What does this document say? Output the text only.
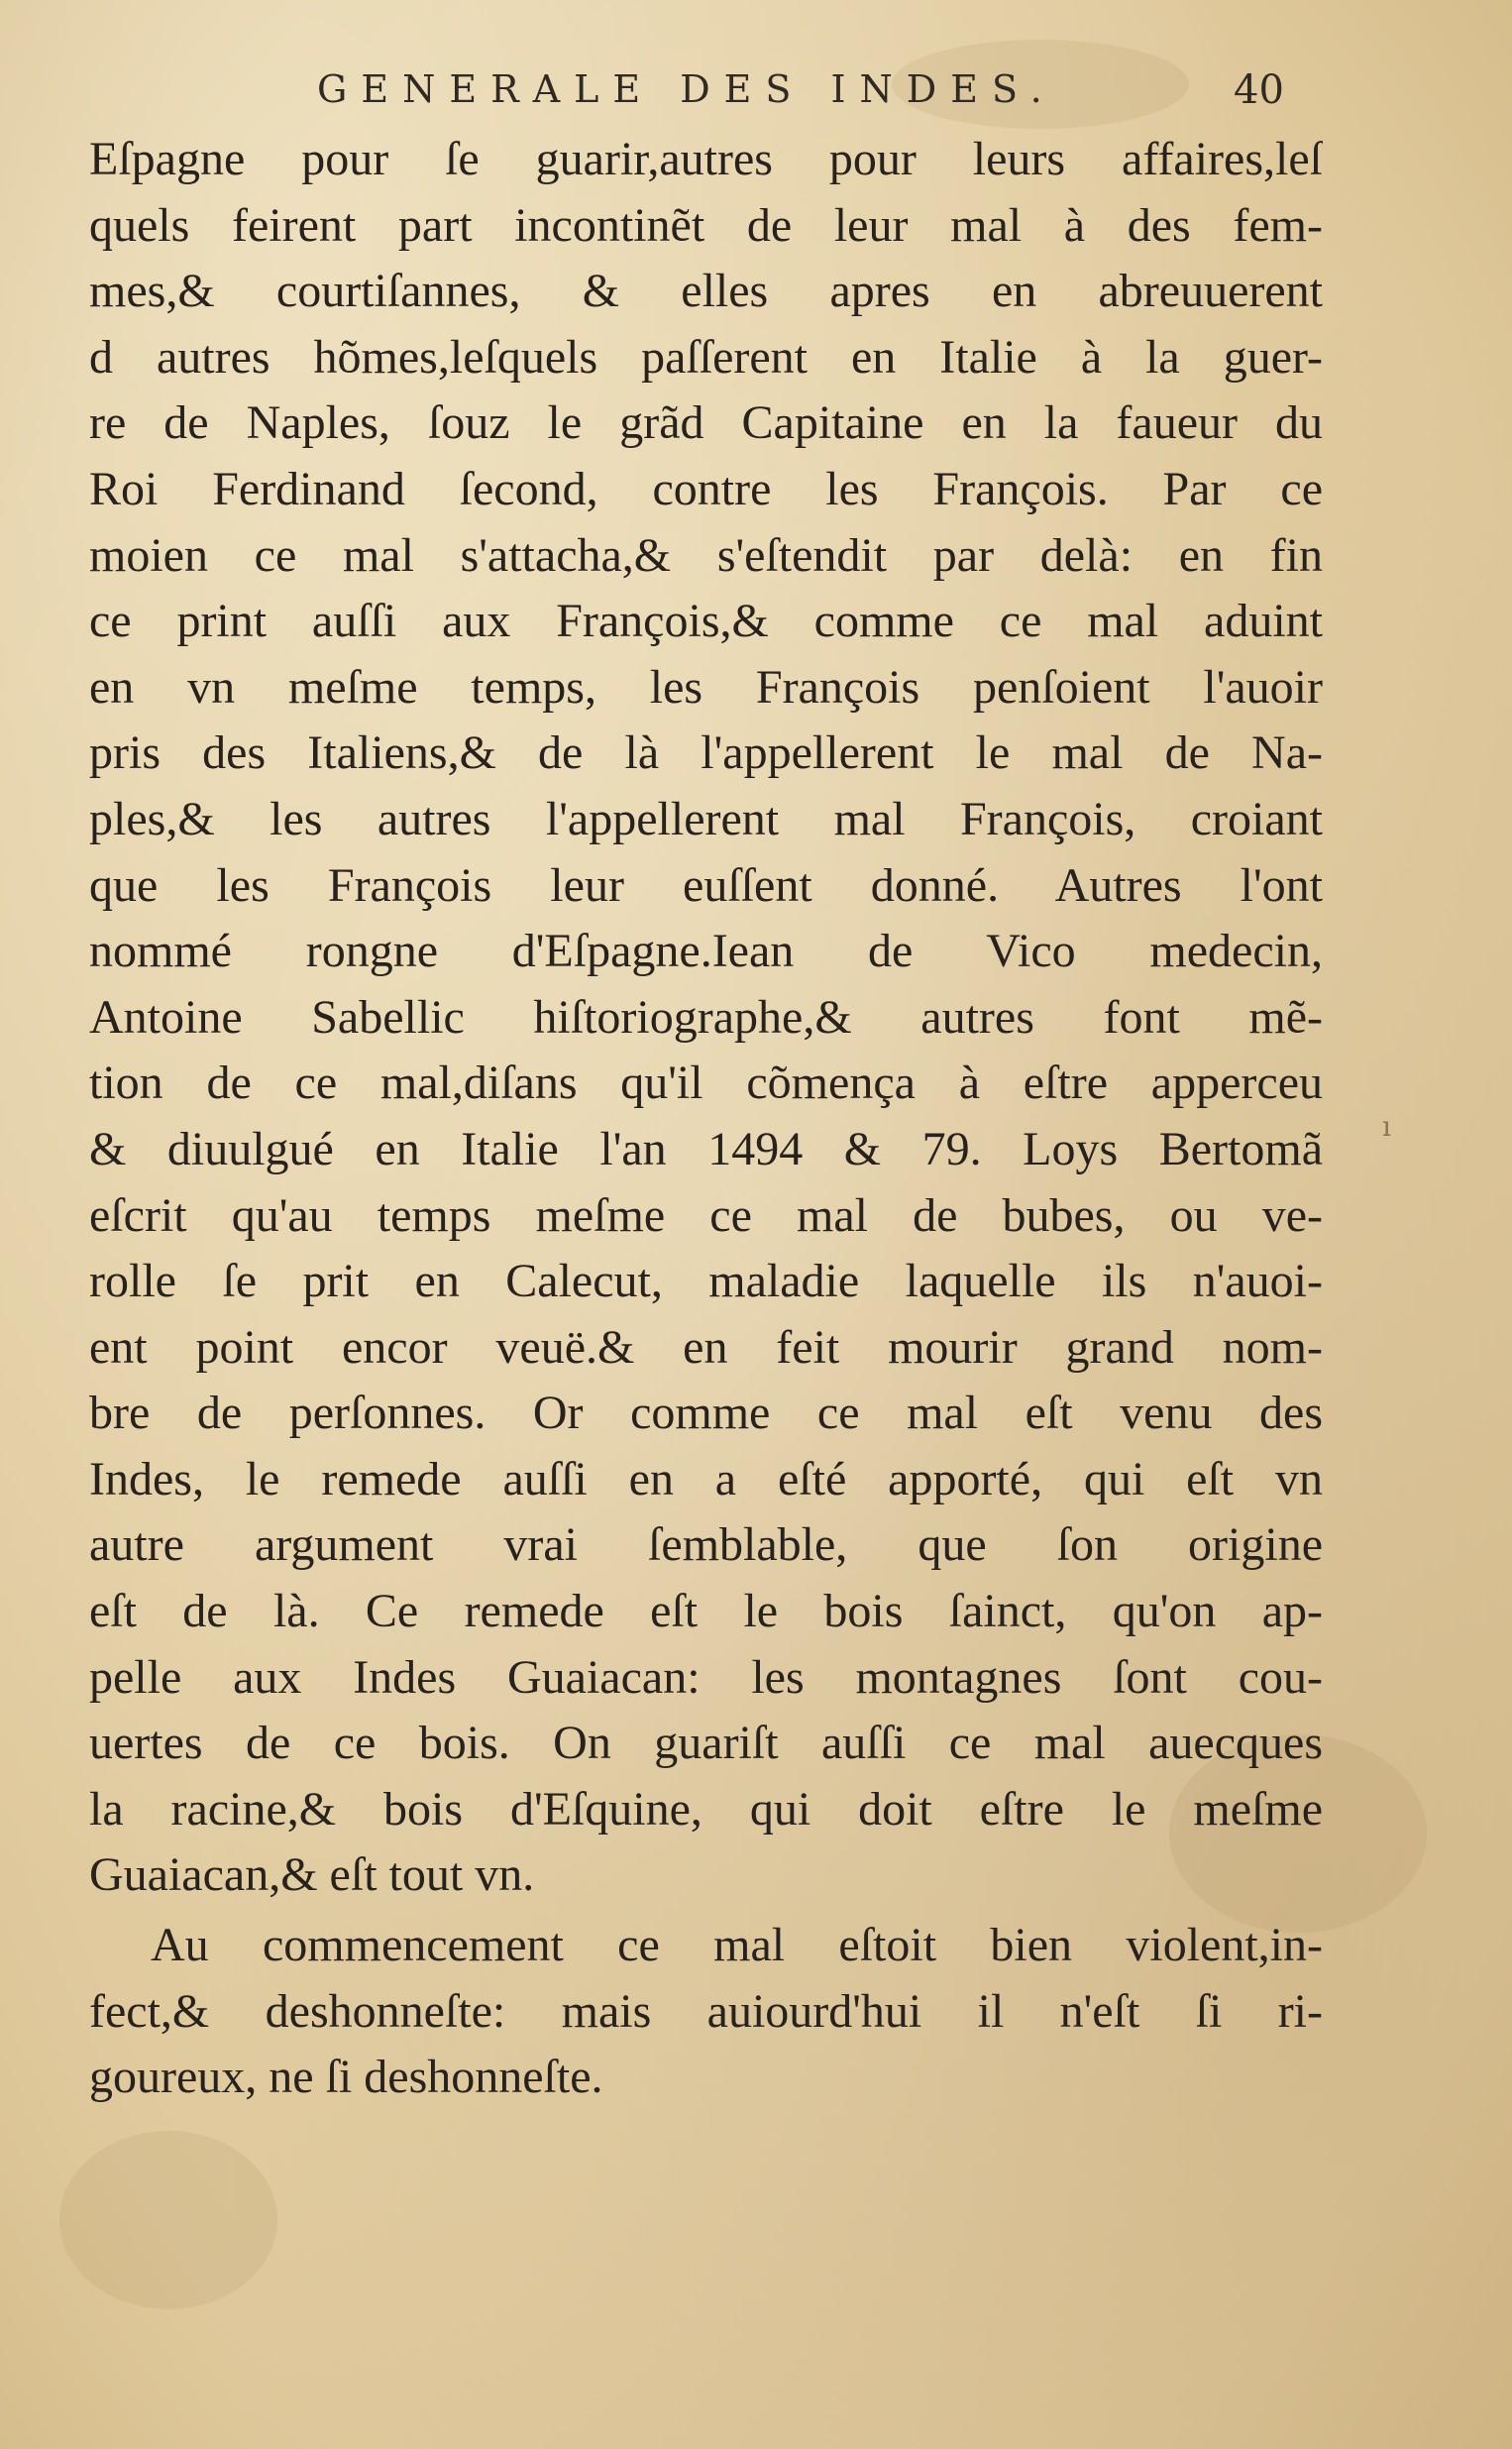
GENERALE DES INDES.	40
Eſpagne pour ſe guarir,autres pour leurs affaires,leſ
quels feirent part incontinẽt de leur mal à des fem-
mes,& courtiſannes, & elles apres en abreuuerent
d autres hõmes,leſquels paſſerent en Italie à la guer-
re de Naples, ſouz le grãd Capitaine en la faueur du
Roi Ferdinand ſecond, contre les François. Par ce
moien ce mal s'attacha,& s'eſtendit par delà: en fin
ce print auſſi aux François,& comme ce mal aduint
en vn meſme temps, les François penſoient l'auoir
pris des Italiens,& de là l'appellerent le mal de Na-
ples,& les autres l'appellerent mal François, croiant
que les François leur euſſent donné. Autres l'ont
nommé rongne d'Eſpagne.Iean de Vico medecin,
Antoine Sabellic hiſtoriographe,& autres font mẽ-
tion de ce mal,diſans qu'il cõmença à eſtre apperceu
& diuulgué en Italie l'an 1494 & 79. Loys Bertomã
eſcrit qu'au temps meſme ce mal de bubes, ou ve-
rolle ſe prit en Calecut, maladie laquelle ils n'auoi-
ent point encor veuë.& en feit mourir grand nom-
bre de perſonnes. Or comme ce mal eſt venu des
Indes, le remede auſſi en a eſté apporté, qui eſt vn
autre argument vrai ſemblable, que ſon origine
eſt de là. Ce remede eſt le bois ſainct, qu'on ap-
pelle aux Indes Guaiacan: les montagnes ſont cou-
uertes de ce bois. On guariſt auſſi ce mal auecques
la racine,& bois d'Eſquine, qui doit eſtre le meſme
Guaiacan,& eſt tout vn.
Au commencement ce mal eſtoit bien violent,in-
fect,& deshonneſte: mais auiourd'hui il n'eſt ſi ri-
goureux, ne ſi deshonneſte.
ı
